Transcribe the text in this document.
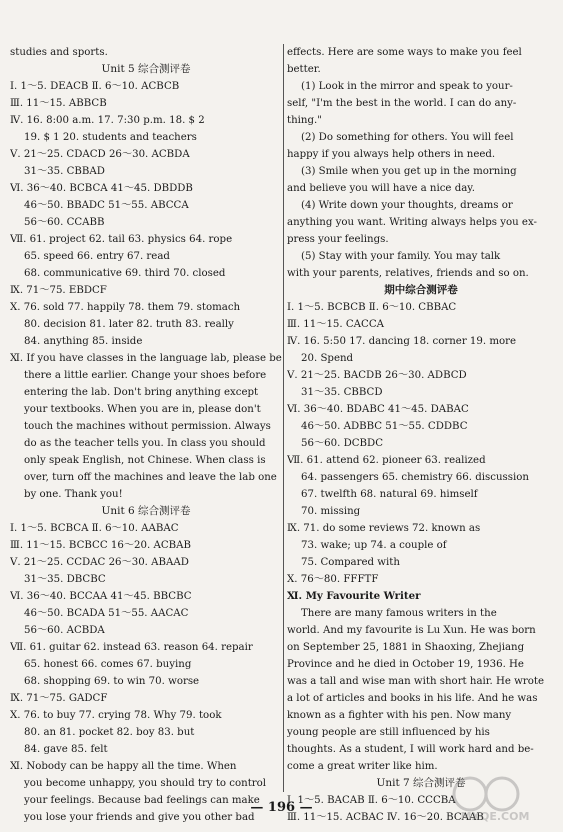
studies and sports.
Unit 5 综合测评卷
Ⅰ. 1～5. DEACB Ⅱ. 6～10. ACBCB
Ⅲ. 11～15. ABBCB
Ⅳ. 16. 8:00 a.m. 17. 7:30 p.m. 18. $ 2
19. $ 1 20. students and teachers
Ⅴ. 21～25. CDACD 26～30. ACBDA
31～35. CBBAD
Ⅵ. 36～40. BCBCA 41～45. DBDDB
46～50. BBADC 51～55. ABCCA
56～60. CCABB
Ⅶ. 61. project 62. tail 63. physics 64. rope
65. speed 66. entry 67. read
68. communicative 69. third 70. closed
Ⅸ. 71～75. EBDCF
Ⅹ. 76. sold 77. happily 78. them 79. stomach
80. decision 81. later 82. truth 83. really
84. anything 85. inside
Ⅺ. If you have classes in the language lab, please be
there a little earlier. Change your shoes before
entering the lab. Don't bring anything except
your textbooks. When you are in, please don't
touch the machines without permission. Always
do as the teacher tells you. In class you should
only speak English, not Chinese. When class is
over, turn off the machines and leave the lab one
by one. Thank you!
Unit 6 综合测评卷
Ⅰ. 1～5. BCBCA Ⅱ. 6～10. AABAC
Ⅲ. 11～15. BCBCC 16～20. ACBAB
Ⅴ. 21～25. CCDAC 26～30. ABAAD
31～35. DBCBC
Ⅵ. 36～40. BCCAA 41～45. BBCBC
46～50. BCADA 51～55. AACAC
56～60. ACBDA
Ⅶ. 61. guitar 62. instead 63. reason 64. repair
65. honest 66. comes 67. buying
68. shopping 69. to win 70. worse
Ⅸ. 71～75. GADCF
Ⅹ. 76. to buy 77. crying 78. Why 79. took
80. an 81. pocket 82. boy 83. but
84. gave 85. felt
Ⅺ. Nobody can be happy all the time. When
you become unhappy, you should try to control
your feelings. Because bad feelings can make
you lose your friends and give you other bad
effects. Here are some ways to make you feel
better.
(1) Look in the mirror and speak to your-
self, "I'm the best in the world. I can do any-
thing."
(2) Do something for others. You will feel
happy if you always help others in need.
(3) Smile when you get up in the morning
and believe you will have a nice day.
(4) Write down your thoughts, dreams or
anything you want. Writing always helps you ex-
press your feelings.
(5) Stay with your family. You may talk
with your parents, relatives, friends and so on.
期中综合测评卷
Ⅰ. 1～5. BCBCB Ⅱ. 6～10. CBBAC
Ⅲ. 11～15. CACCA
Ⅳ. 16. 5:50 17. dancing 18. corner 19. more
20. Spend
Ⅴ. 21～25. BACDB 26～30. ADBCD
31～35. CBBCD
Ⅵ. 36～40. BDABC 41～45. DABAC
46～50. ADBBC 51～55. CDDBC
56～60. DCBDC
Ⅶ. 61. attend 62. pioneer 63. realized
64. passengers 65. chemistry 66. discussion
67. twelfth 68. natural 69. himself
70. missing
Ⅸ. 71. do some reviews 72. known as
73. wake; up 74. a couple of
75. Compared with
Ⅹ. 76～80. FFFTF
Ⅺ. My Favourite Writer
There are many famous writers in the
world. And my favourite is Lu Xun. He was born
on September 25, 1881 in Shaoxing, Zhejiang
Province and he died in October 19, 1936. He
was a tall and wise man with short hair. He wrote
a lot of articles and books in his life. And he was
known as a fighter with his pen. Now many
young people are still influenced by his
thoughts. As a student, I will work hard and be-
come a great writer like him.
Unit 7 综合测评卷
Ⅰ. 1～5. BACAB Ⅱ. 6～10. CCCBA
Ⅲ. 11～15. ACBAC Ⅳ. 16～20. BCAAB
— 196 —
MXQE.COM
